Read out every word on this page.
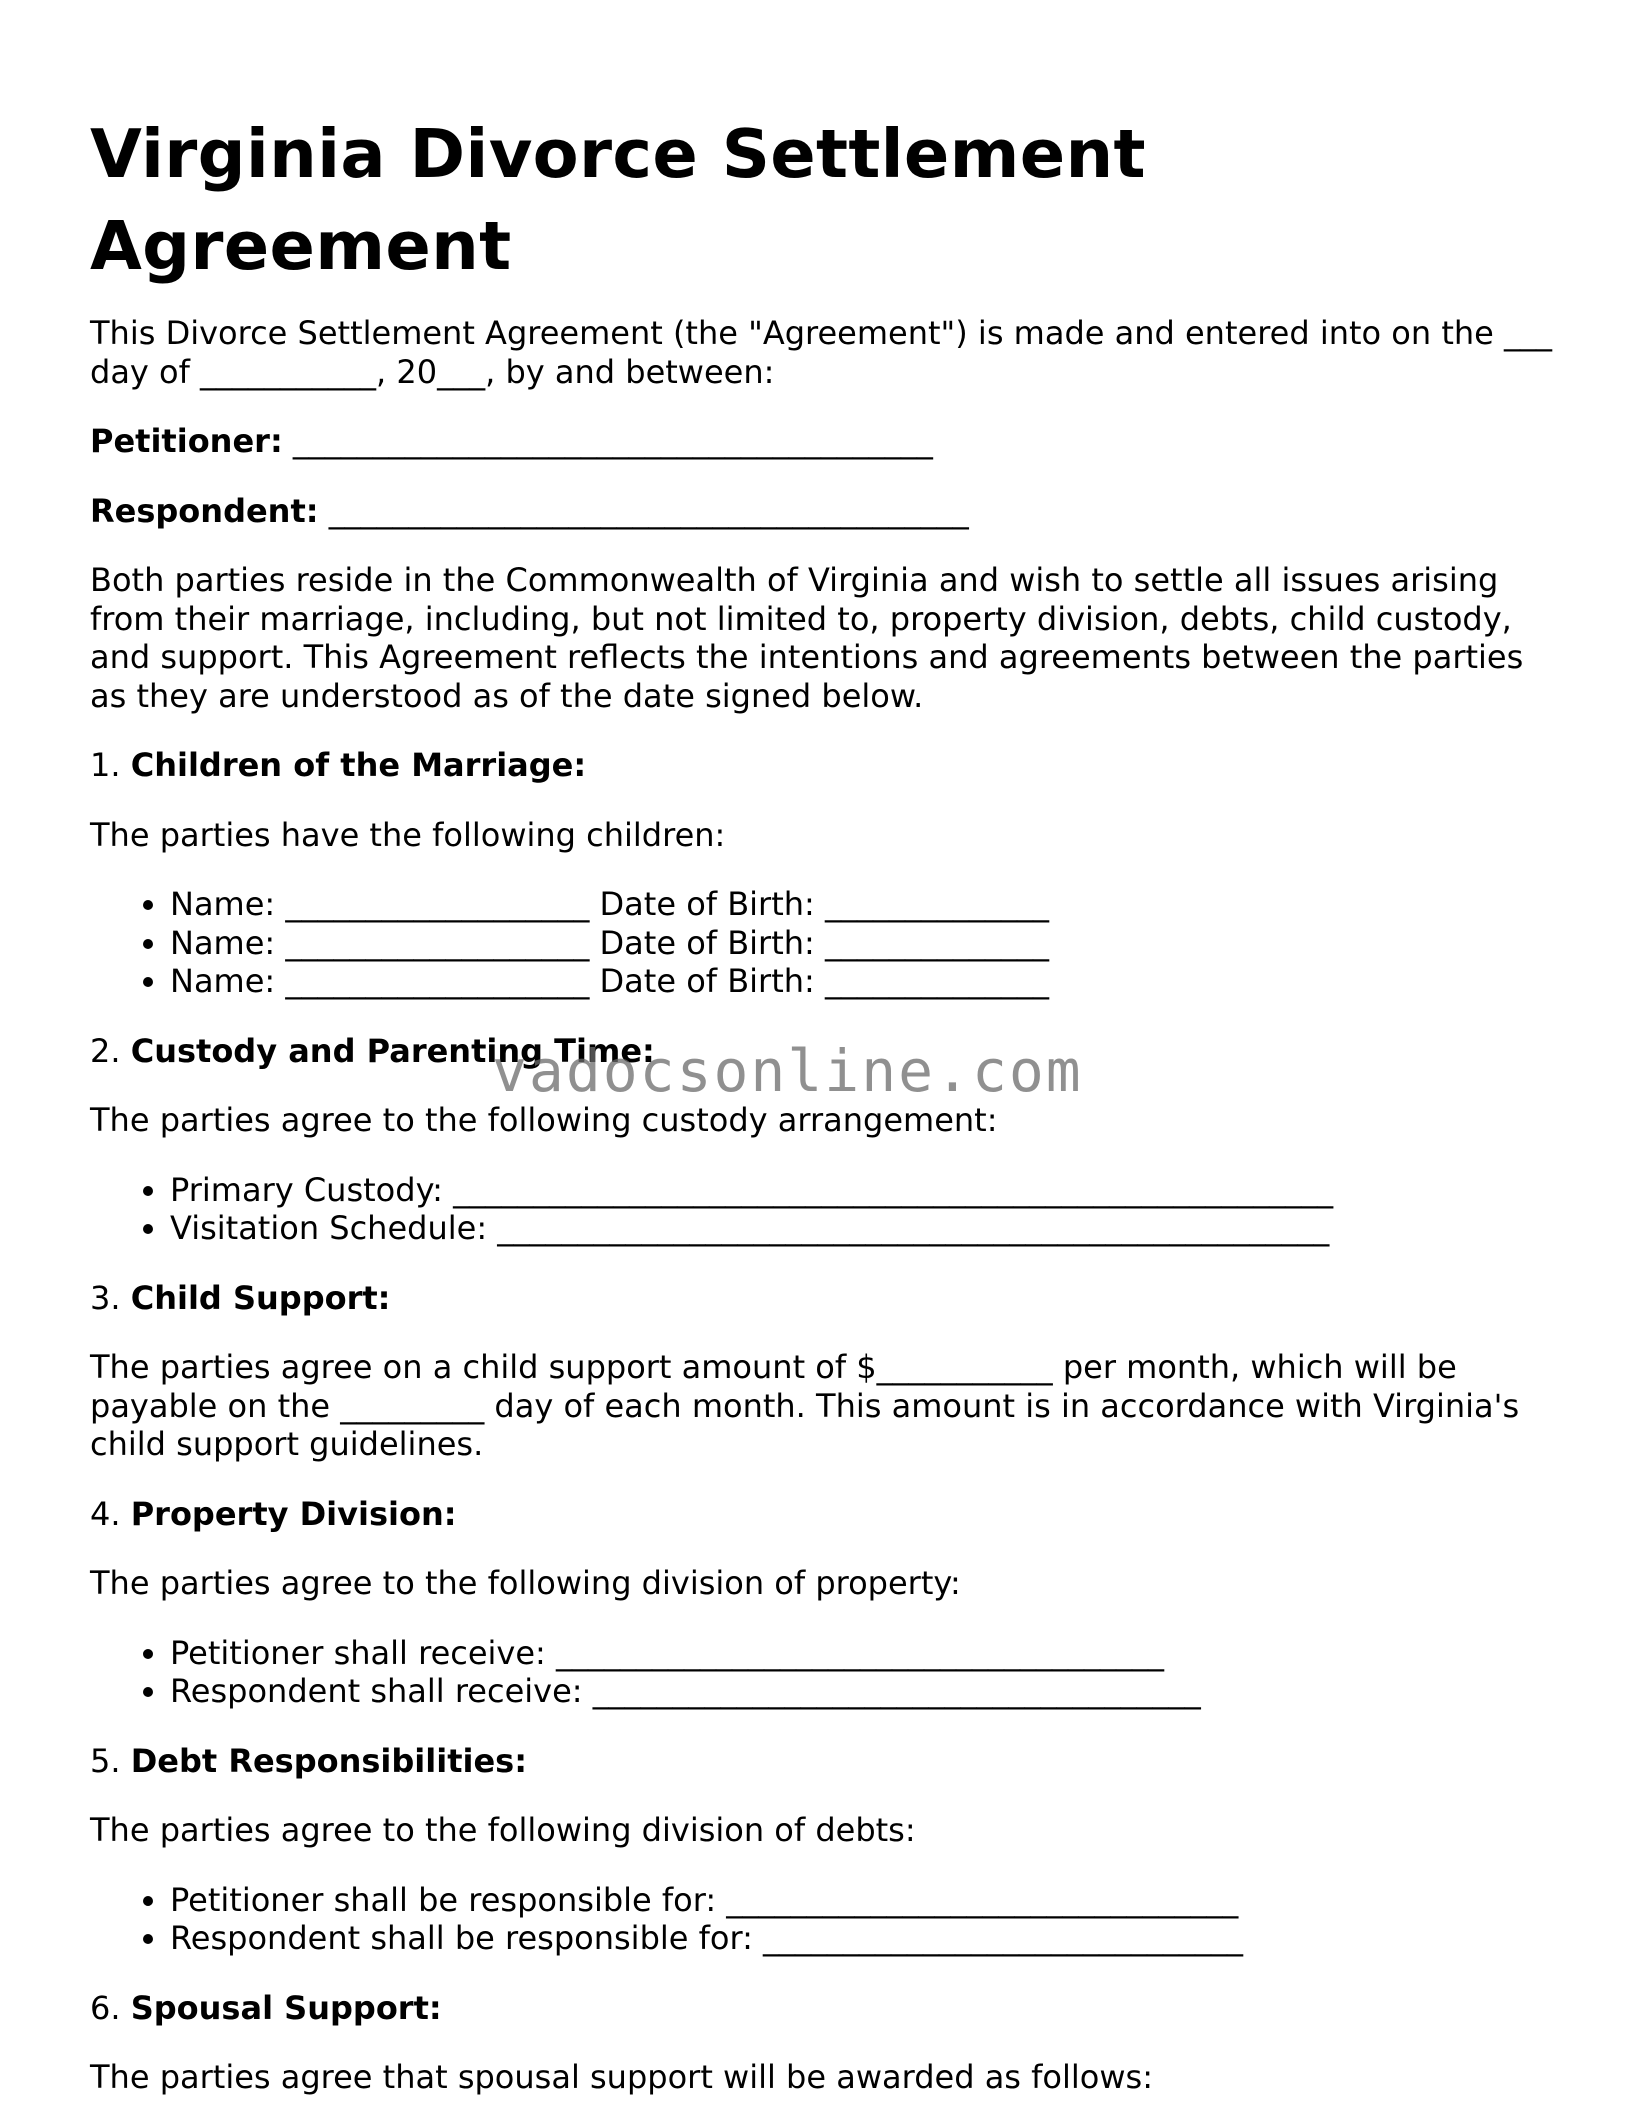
Virginia Divorce Settlement Agreement

This Divorce Settlement Agreement (the "Agreement") is made and entered into on the ___ day of ___________, 20___, by and between:

Petitioner: ________________________________________

Respondent: ________________________________________

Both parties reside in the Commonwealth of Virginia and wish to settle all issues arising from their marriage, including, but not limited to, property division, debts, child custody, and support. This Agreement reflects the intentions and agreements between the parties as they are understood as of the date signed below.

1. Children of the Marriage:

The parties have the following children:

• Name: ___________________ Date of Birth: ______________
• Name: ___________________ Date of Birth: ______________
• Name: ___________________ Date of Birth: ______________

2. Custody and Parenting Time:

The parties agree to the following custody arrangement:

• Primary Custody: _______________________________________________________
• Visitation Schedule: ____________________________________________________

3. Child Support:

The parties agree on a child support amount of $___________ per month, which will be payable on the _________ day of each month. This amount is in accordance with Virginia's child support guidelines.

4. Property Division:

The parties agree to the following division of property:

• Petitioner shall receive: ______________________________________
• Respondent shall receive: ______________________________________

5. Debt Responsibilities:

The parties agree to the following division of debts:

• Petitioner shall be responsible for: ________________________________
• Respondent shall be responsible for: ______________________________

6. Spousal Support:

The parties agree that spousal support will be awarded as follows:

vadocsonline.com
